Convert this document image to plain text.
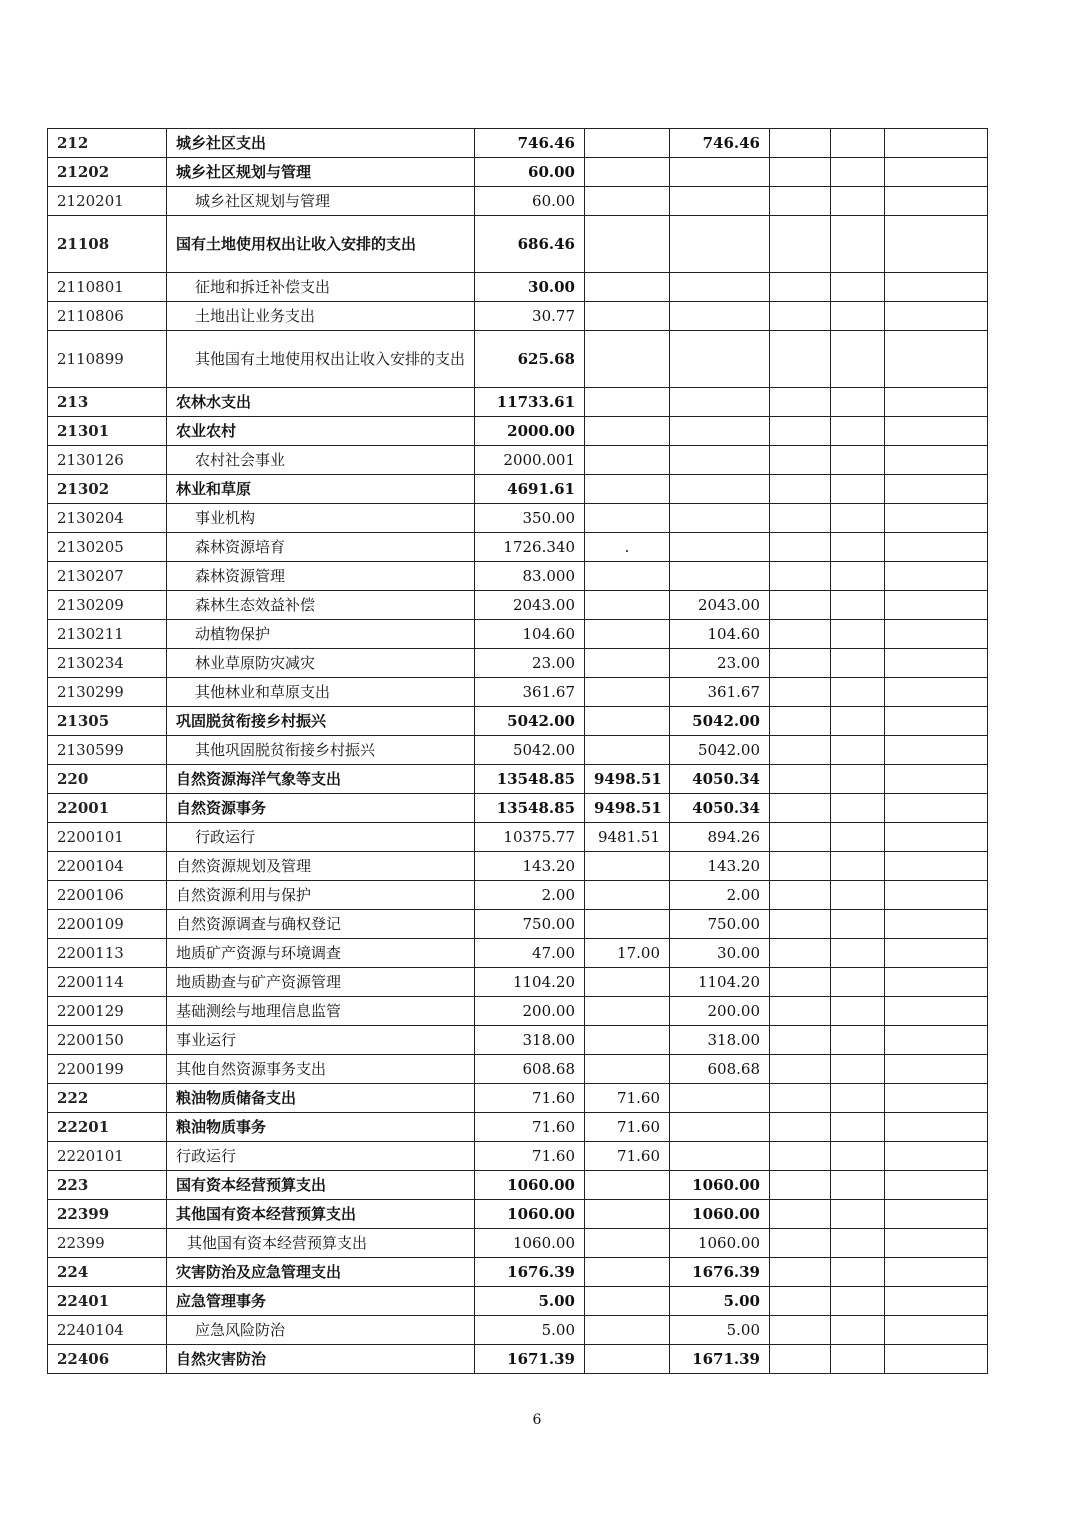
212	城乡社区支出	746.46		746.46			
21202	城乡社区规划与管理	60.00					
2120201	城乡社区规划与管理	60.00					
21108	国有土地使用权出让收入安排的支出	686.46					
2110801	征地和拆迁补偿支出	30.00					
2110806	土地出让业务支出	30.77					
2110899	其他国有土地使用权出让收入安排的支出	625.68					
213	农林水支出	11733.61					
21301	农业农村	2000.00					
2130126	农村社会事业	2000.001					
21302	林业和草原	4691.61					
2130204	事业机构	350.00					
2130205	森林资源培育	1726.340	.				
2130207	森林资源管理	83.000					
2130209	森林生态效益补偿	2043.00		2043.00			
2130211	动植物保护	104.60		104.60			
2130234	林业草原防灾减灾	23.00		23.00			
2130299	其他林业和草原支出	361.67		361.67			
21305	巩固脱贫衔接乡村振兴	5042.00		5042.00			
2130599	其他巩固脱贫衔接乡村振兴	5042.00		5042.00			
220	自然资源海洋气象等支出	13548.85	9498.51	4050.34			
22001	自然资源事务	13548.85	9498.51	4050.34			
2200101	行政运行	10375.77	9481.51	894.26			
2200104	自然资源规划及管理	143.20		143.20			
2200106	自然资源利用与保护	2.00		2.00			
2200109	自然资源调查与确权登记	750.00		750.00			
2200113	地质矿产资源与环境调查	47.00	17.00	30.00			
2200114	地质勘查与矿产资源管理	1104.20		1104.20			
2200129	基础测绘与地理信息监管	200.00		200.00			
2200150	事业运行	318.00		318.00			
2200199	其他自然资源事务支出	608.68		608.68			
222	粮油物质储备支出	71.60	71.60				
22201	粮油物质事务	71.60	71.60				
2220101	行政运行	71.60	71.60				
223	国有资本经营预算支出	1060.00		1060.00			
22399	其他国有资本经营预算支出	1060.00		1060.00			
22399	其他国有资本经营预算支出	1060.00		1060.00			
224	灾害防治及应急管理支出	1676.39		1676.39			
22401	应急管理事务	5.00		5.00			
2240104	应急风险防治	5.00		5.00			
22406	自然灾害防治	1671.39		1671.39			
6
